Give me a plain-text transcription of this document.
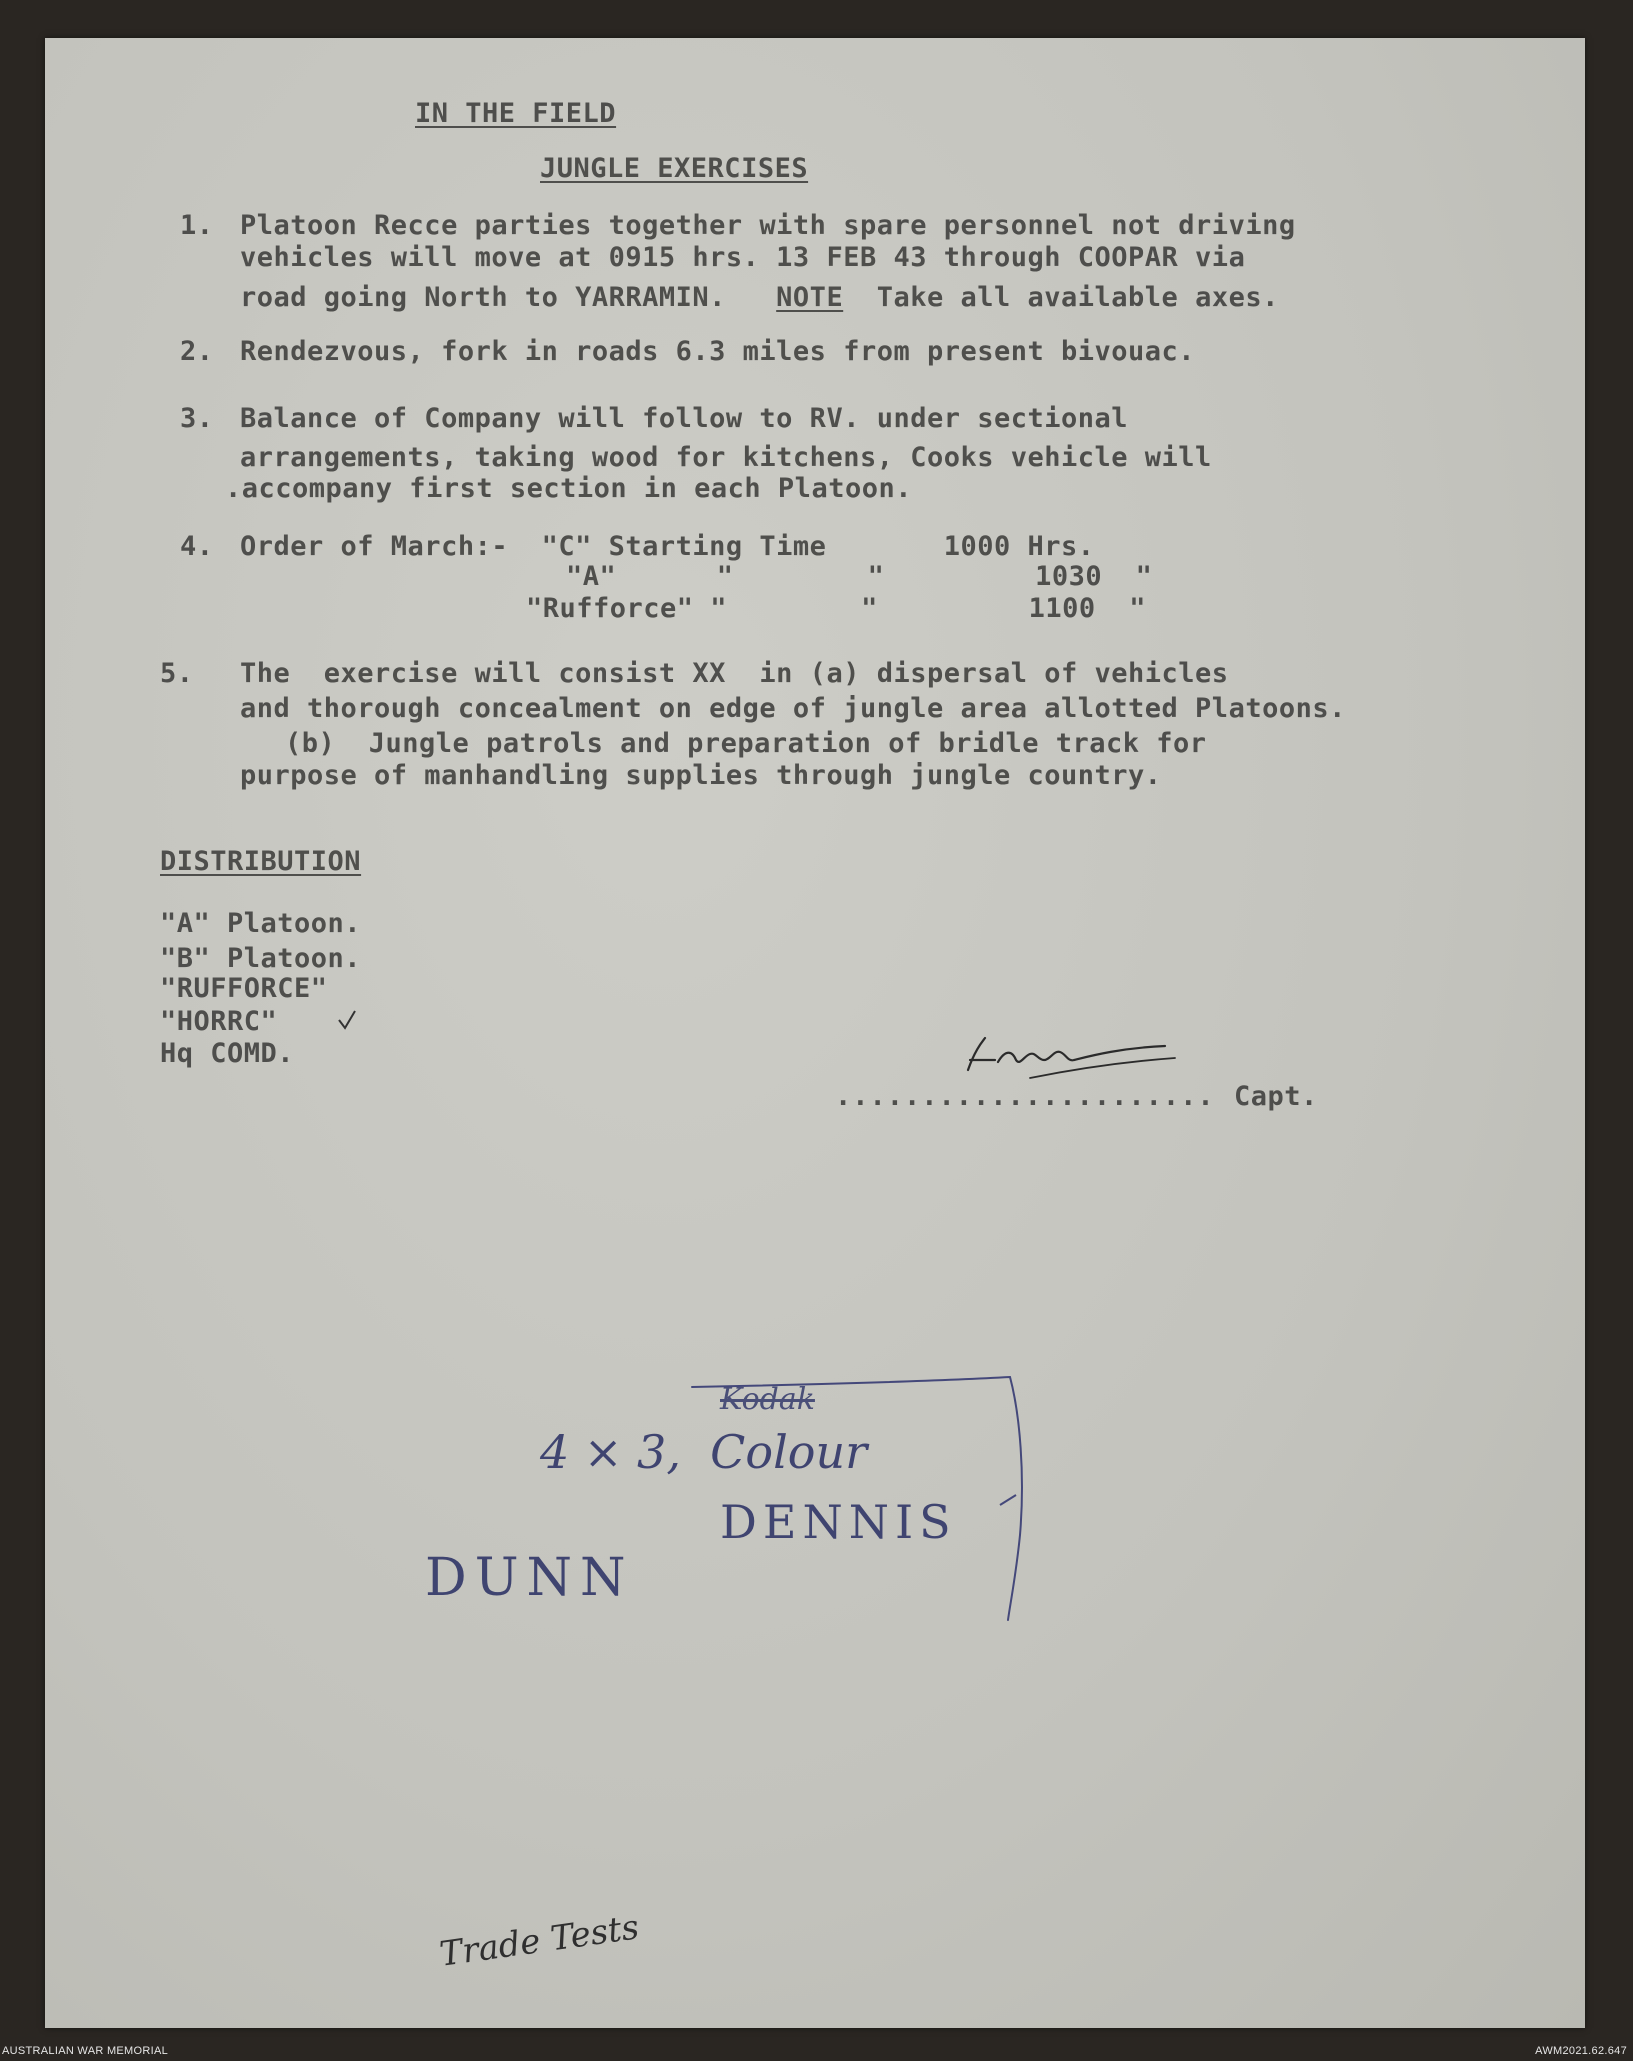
IN THE FIELD
JUNGLE EXERCISES
1. Platoon Recce parties together with spare personnel not driving
vehicles will move at 0915 hrs. 13 FEB 43 through COOPAR via
road going North to YARRAMIN.   NOTE  Take all available axes.
2. Rendezvous, fork in roads 6.3 miles from present bivouac.
3. Balance of Company will follow to RV. under sectional
arrangements, taking wood for kitchens, Cooks vehicle will
.accompany first section in each Platoon.
4. Order of March:-  "C" Starting Time       1000 Hrs.
"A"      "        "         1030  "
"Rufforce" "        "         1100  "
5. The  exercise will consist XX  in (a) dispersal of vehicles
and thorough concealment on edge of jungle area allotted Platoons.
(b)  Jungle patrols and preparation of bridle track for
purpose of manhandling supplies through jungle country.
DISTRIBUTION
"A" Platoon.
"B" Platoon.
"RUFFORCE"
"HORRC"
Hq COMD.
...................... Capt.
Kodak
4 × 3,  Colour
DENNIS
DUNN
Trade Tests
AUSTRALIAN WAR MEMORIAL	AWM2021.62.647
